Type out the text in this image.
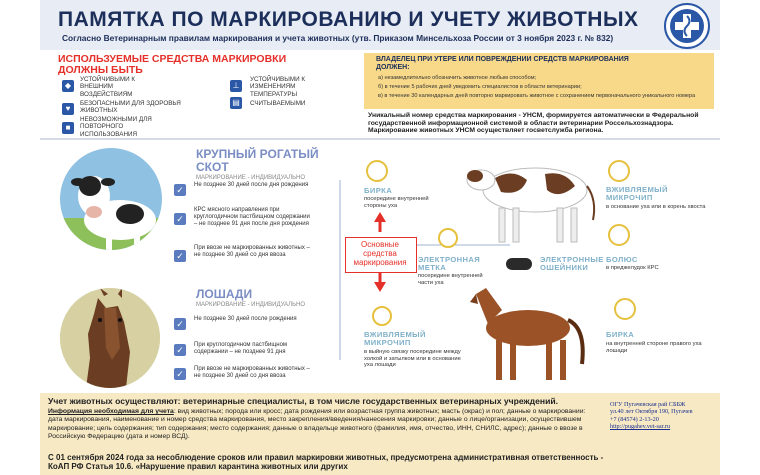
ПАМЯТКА ПО МАРКИРОВАНИЮ И УЧЕТУ ЖИВОТНЫХ
Согласно Ветеринарным правилам маркирования и учета животных (утв. Приказом Минсельхоза России от 3 ноября 2023 г. № 832)
ИСПОЛЬЗУЕМЫЕ СРЕДСТВА МАРКИРОВКИ ДОЛЖНЫ БЫТЬ
◆
УСТОЙЧИВЫМИ К ВНЕШНИМ ВОЗДЕЙСТВИЯМ
♥
БЕЗОПАСНЫМИ ДЛЯ ЗДОРОВЬЯ ЖИВОТНЫХ
■
НЕВОЗМОЖНЫМИ ДЛЯ ПОВТОРНОГО ИСПОЛЬЗОВАНИЯ
⊥
УСТОЙЧИВЫМИ К ИЗМЕНЕНИЯМ ТЕМПЕРАТУРЫ
▤	СЧИТЫВАЕМЫМИ
ВЛАДЕЛЕЦ ПРИ УТЕРЕ ИЛИ ПОВРЕЖДЕНИИ СРЕДСТВ МАРКИРОВАНИЯ ДОЛЖЕН:
а) незамедлительно обозначить животное любым способом;
б) в течение 5 рабочих дней уведомить специалистов в области ветеринарии;
в) в течение 30 календарных дней повторно маркировать животное с сохранением первоначального уникального номера
Уникальный номер средства маркирования - УНСМ, формируется автоматически в Федеральной государственной информационной системой в области ветеринарии Россельхознадзора. Маркирование животных УНСМ осуществляет госветслужба региона.
КРУПНЫЙ РОГАТЫЙ
СКОТ
МАРКИРОВАНИЕ - ИНДИВИДУАЛЬНО
✓	Не позднее 30 дней после дня рождения
✓
КРС мясного направления при круглогодичном пастбищном содержании – не позднее 91 дня после дня рождения
✓
При ввозе не маркированных животных – не позднее 30 дней со дня ввоза
ЛОШАДИ
МАРКИРОВАНИЕ - ИНДИВИДУАЛЬНО
✓	Не позднее 30 дней после рождения
✓	При круглогодичном пастбищном содержании – не позднее 91 дня
✓	При ввозе не маркированных животных – не позднее 30 дней со дня ввоза
Основные средства маркирования
БИРКА
посередине внутренней стороны уха
ЭЛЕКТРОННАЯ МЕТКА
посередине внутренней части уха
ЭЛЕКТРОННЫЕ ОШЕЙНИКИ
ВЖИВЛЯЕМЫЙ МИКРОЧИП
в основание уха или в корень хвоста
БОЛЮС
в преджелудок КРС
ВЖИВЛЯЕМЫЙ МИКРОЧИП
в выйную связку посередине между холкой и затылком или в основание уха лошади
БИРКА
на внутренней стороне правого уха лошади
Учет животных осуществляют: ветеринарные специалисты, в том числе государственных ветеринарных учреждений.
Информация необходимая для учета: вид животных; порода или кросс; дата рождения или возрастная группа животных; масть (окрас) и пол; данные о маркировании: дата маркирования, наименование и номер средства маркирования, место закрепления/введения/нанесения маркировки; данные о лице/организации, осуществившем маркирование; цель содержания; тип содержания; место содержания; данные о владельце животного (фамилия, имя, отчество, ИНН, СНИЛС, адрес); данные о ввозе в Российскую Федерацию (дата и номер ВСД).
С 01 сентября 2024 года за несоблюдение сроков или правил маркировки животных, предусмотрена административная ответственность - КоАП РФ Статья 10.6. «Нарушение правил карантина животных или других
ОГУ Пугачевская рай СББЖ
ул.40 лет Октября 190, Пугачев
+7 (84574) 2-13-20
http://pugahev.vet-sar.ru
